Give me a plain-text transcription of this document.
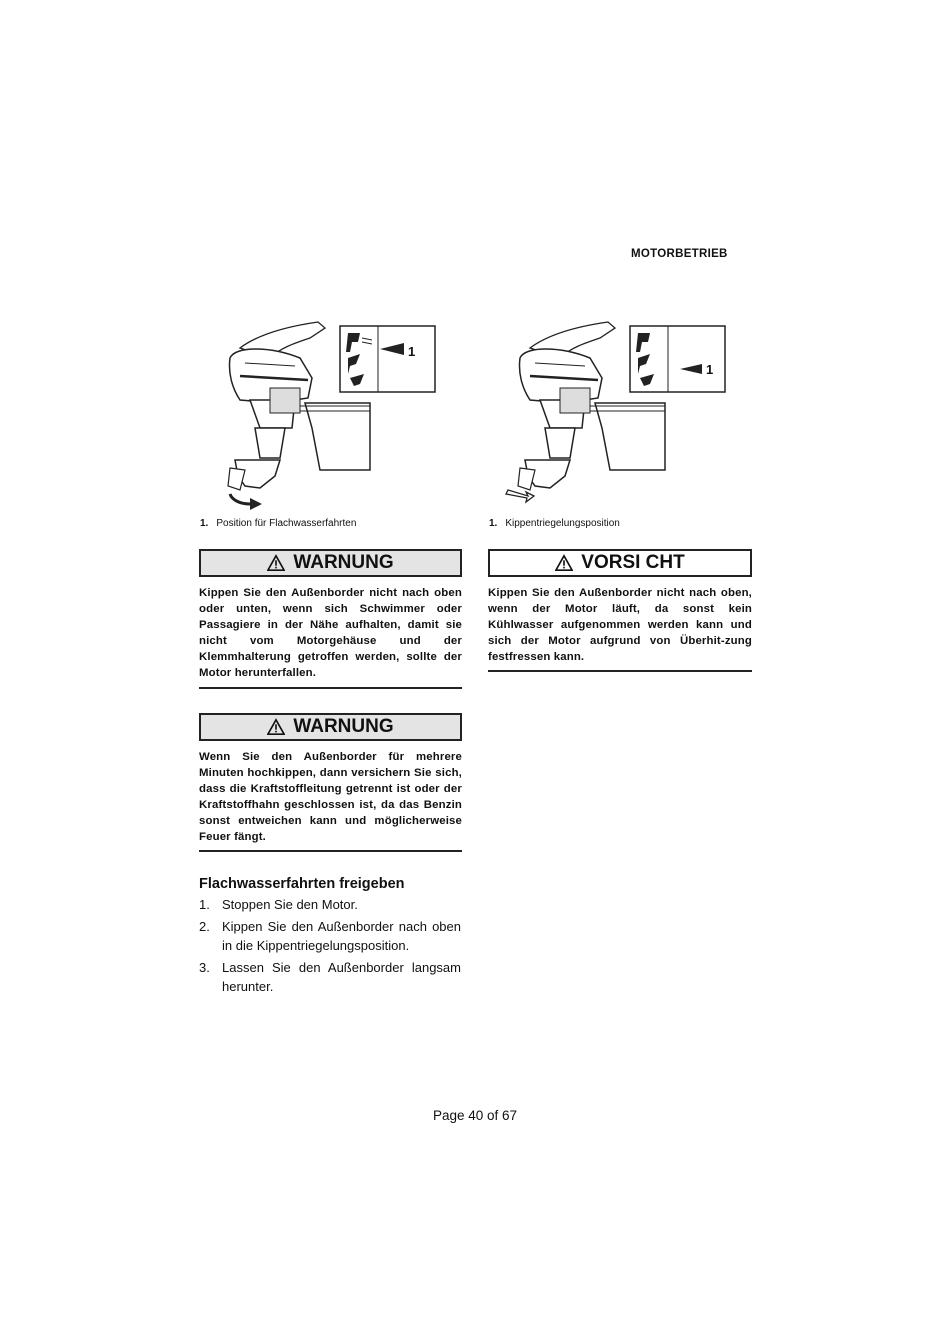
MOTORBETRIEB
1
1. Position für Flachwasserfahrten
1
1. Kippentriegelungsposition
WARNUNG
Kippen Sie den Außenborder nicht nach oben oder unten, wenn sich Schwimmer oder Passagiere in der Nähe aufhalten, damit sie nicht vom Motorgehäuse und der Klemmhalterung getroffen werden, sollte der Motor herunterfallen.
VORSI CHT
Kippen Sie den Außenborder nicht nach oben, wenn der Motor läuft, da sonst kein Kühlwasser aufgenommen werden kann und sich der Motor aufgrund von Überhit-zung festfressen kann.
WARNUNG
Wenn Sie den Außenborder für mehrere Minuten hochkippen, dann versichern Sie sich, dass die Kraftstoffleitung getrennt ist oder der Kraftstoffhahn geschlossen ist, da das Benzin sonst entweichen kann und möglicherweise Feuer fängt.
Flachwasserfahrten freigeben
1. Stoppen Sie den Motor.
2. Kippen Sie den Außenborder nach oben in die Kippentriegelungsposition.
3. Lassen Sie den Außenborder langsam herunter.
Page 40 of 67
